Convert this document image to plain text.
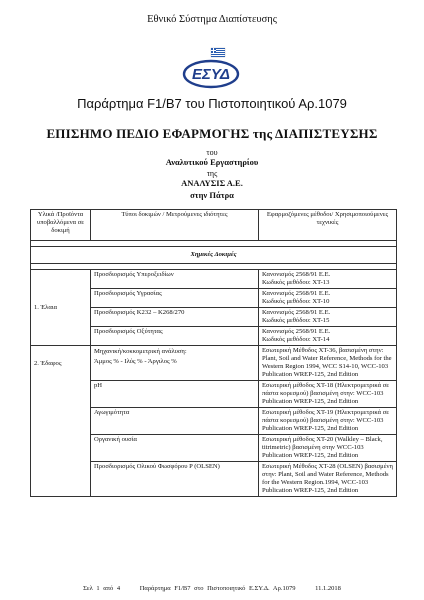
Εθνικό Σύστημα Διαπίστευσης
ΕΣΥΔ
Παράρτημα F1/B7 του Πιστοποιητικού Αρ.1079
ΕΠΙΣΗΜΟ ΠΕΔΙΟ ΕΦΑΡΜΟΓΗΣ της ΔΙΑΠΙΣΤΕΥΣΗΣ
του
Αναλυτικού Εργαστηρίου
της
ΑΝΑΛΥΣΙΣ Α.Ε.
στην Πάτρα
Υλικά /Προϊόντα υποβαλλόμενα σε δοκιμή	Τύποι δοκιμών / Μετρούμενες ιδιότητες	Εφαρμοζόμενες μέθοδοι/ Χρησιμοποιούμενες τεχνικές

Χημικές Δοκιμές		

1. Έλαια	Προσδιορισμός Υπεροξειδίων	Κανονισμός 2568/91 Ε.Ε.
Κωδικός μεθόδου: ΧΤ-13
	Προσδιορισμός Υγρασίας	Κανονισμός 2568/91 Ε.Ε.
Κωδικός μεθόδου: ΧΤ-10
	Προσδιορισμός K232 – K268/270	Κανονισμός 2568/91 Ε.Ε.
Κωδικός μεθόδου: ΧΤ-15
	Προσδιορισμός Οξύτητας	Κανονισμός 2568/91 Ε.Ε.
Κωδικός μεθόδου: ΧΤ-14
2. Έδαφος	Μηχανική/κοκκομετρική ανάλυση:
Άμμος % - Ιλύς % - Άργιλος %	Εσωτερική Μέθοδος ΧΤ-36, βασισμένη στην: Plant, Soil and Water Reference, Methods for the Western Region 1994, WCC S14-10, WCC-103 Publication WREP-125, 2nd Edition
	pH	Εσωτερική μέθοδος ΧΤ-18 (Ηλεκτρομετρικά σε πάστα κορεσμού) βασισμένη στην: WCC-103 Publication WREP-125, 2nd Edition
	Αγωγιμότητα	Εσωτερική μέθοδος ΧΤ-19 (Ηλεκτρομετρικά σε πάστα κορεσμού) βασισμένη στην: WCC-103 Publication WREP-125, 2nd Edition
	Οργανική ουσία	Εσωτερική μέθοδος ΧΤ-20 (Walkley – Black, titrimetric) βασισμένη στην WCC-103 Publication WREP-125, 2nd Edition
	Προσδιορισμός Ολικού Φωσφόρου P (OLSEN)	Εσωτερική Μέθοδος ΧΤ-28 (OLSEN) βασισμένη στην: Plant, Soil and Water Reference, Methods for the Western Region.1994, WCC-103 Publication WREP-125, 2nd Edition
Σελ 1 από 4	Παράρτημα F1/B7 στο Πιστοποιητικό Ε.ΣΥ.Δ. Αρ.1079	11.1.2018
